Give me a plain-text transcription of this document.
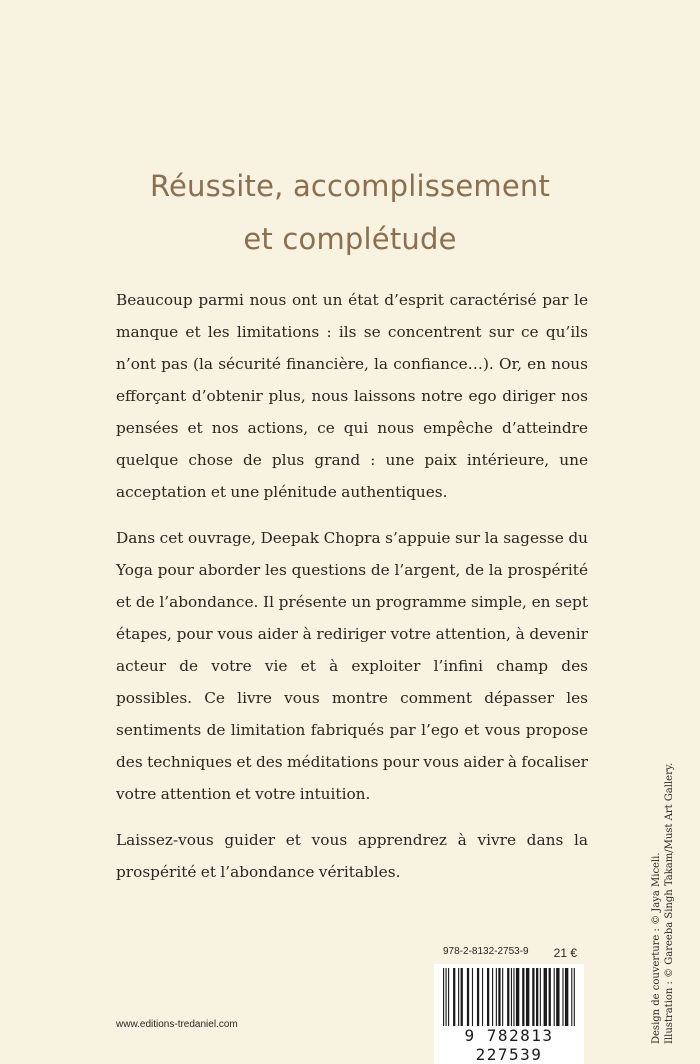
Réussite, accomplissement
et complétude

Beaucoup parmi nous ont un état d’esprit caractérisé par le manque et les limitations : ils se concentrent sur ce qu’ils n’ont pas (la sécurité financière, la confiance…). Or, en nous efforçant d’obtenir plus, nous laissons notre ego diriger nos pensées et nos actions, ce qui nous empêche d’atteindre quelque chose de plus grand : une paix intérieure, une acceptation et une plénitude authentiques.

Dans cet ouvrage, Deepak Chopra s’appuie sur la sagesse du Yoga pour aborder les questions de l’argent, de la prospérité et de l’abondance. Il présente un programme simple, en sept étapes, pour vous aider à rediriger votre attention, à devenir acteur de votre vie et à exploiter l’infini champ des possibles. Ce livre vous montre comment dépasser les sentiments de limitation fabriqués par l’ego et vous propose des techniques et des méditations pour vous aider à focaliser votre attention et votre intuition.

Laissez-vous guider et vous apprendrez à vivre dans la prospérité et l’abondance véritables.

www.editions-tredaniel.com
978-2-8132-2753-9 21 €
9 782813 227539
Design de couverture : © Jaya Miceli. Illustration : © Gareeba Singh Takam/Must Art Gallery.
